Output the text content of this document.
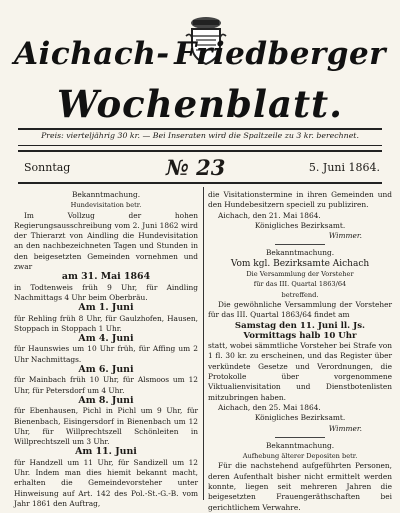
Aichach- Friedberger
Wochenblatt.
Preis: vierteljährig 30 kr. — Bei Inseraten wird die Spaltzeile zu 3 kr. berechnet.
Sonntag	№ 23	5. Juni 1864.

Bekanntmachung.

Hundevisitation betr.

Im Vollzug der hohen Regierungsausschreibung vom 2. Juni 1862 wird der Thierarzt von Aindling die Hundevisitation an den nachbezeichneten Tagen und Stunden in den beigesetzten Gemeinden vornehmen und zwar

am 31. Mai 1864

in Todtenweis früh 9 Uhr, für Aindling Nachmittags 4 Uhr beim Oberbräu.

Am 1. Juni

für Rehling früh 8 Uhr, für Gaulzhofen, Hausen, Stoppach in Stoppach 1 Uhr.

Am 4. Juni

für Haunswies um 10 Uhr früh, für Affing um 2 Uhr Nachmittags.

Am 6. Juni

für Mainbach früh 10 Uhr, für Alsmoos um 12 Uhr, für Petersdorf um 4 Uhr.

Am 8. Juni

für Ebenhausen, Pichl in Pichl um 9 Uhr, für Bienenbach, Eisingersdorf in Bienenbach um 12 Uhr, für Willprechtszell Schönleiten in Willprechtszell um 3 Uhr.

Am 11. Juni

für Handzell um 11 Uhr, für Sandizell um 12 Uhr. Indem man dies hiemit bekannt macht, erhalten die Gemeindevorsteher unter Hinweisung auf Art. 142 des Pol.-St.-G.-B. vom Jahr 1861 den Auftrag,

die Visitationstermine in ihren Gemeinden und den Hundebesitzern speciell zu publiziren.

Aichach, den 21. Mai 1864.

Königliches Bezirksamt.

Wimmer.

Bekanntmachung.

Vom kgl. Bezirksamte Aichach

Die Versammlung der Vorsteher

für das III. Quartal 1863/64

betreffend.

Die gewöhnliche Versammlung der Vorsteher für das III. Quartal 1863/64 findet am

Samstag den 11. Juni ll. Js. Vormittags halb 10 Uhr

statt, wobei sämmtliche Vorsteher bei Strafe von 1 fl. 30 kr. zu erscheinen, und das Register über verkündete Gesetze und Verordnungen, die Protokolle über vorgenommene Viktualienvisitation und Dienstbotenlisten mitzubringen haben.

Aichach, den 25. Mai 1864.

Königliches Bezirksamt.

Wimmer.

Bekanntmachung.

Aufhebung älterer Depositen betr.

Für die nachstehend aufgeführten Personen, deren Aufenthalt bisher nicht ermittelt werden konnte, liegen seit mehreren Jahren die beigesetzten Frauengeräthschaften bei gerichtlichem Verwahre.
